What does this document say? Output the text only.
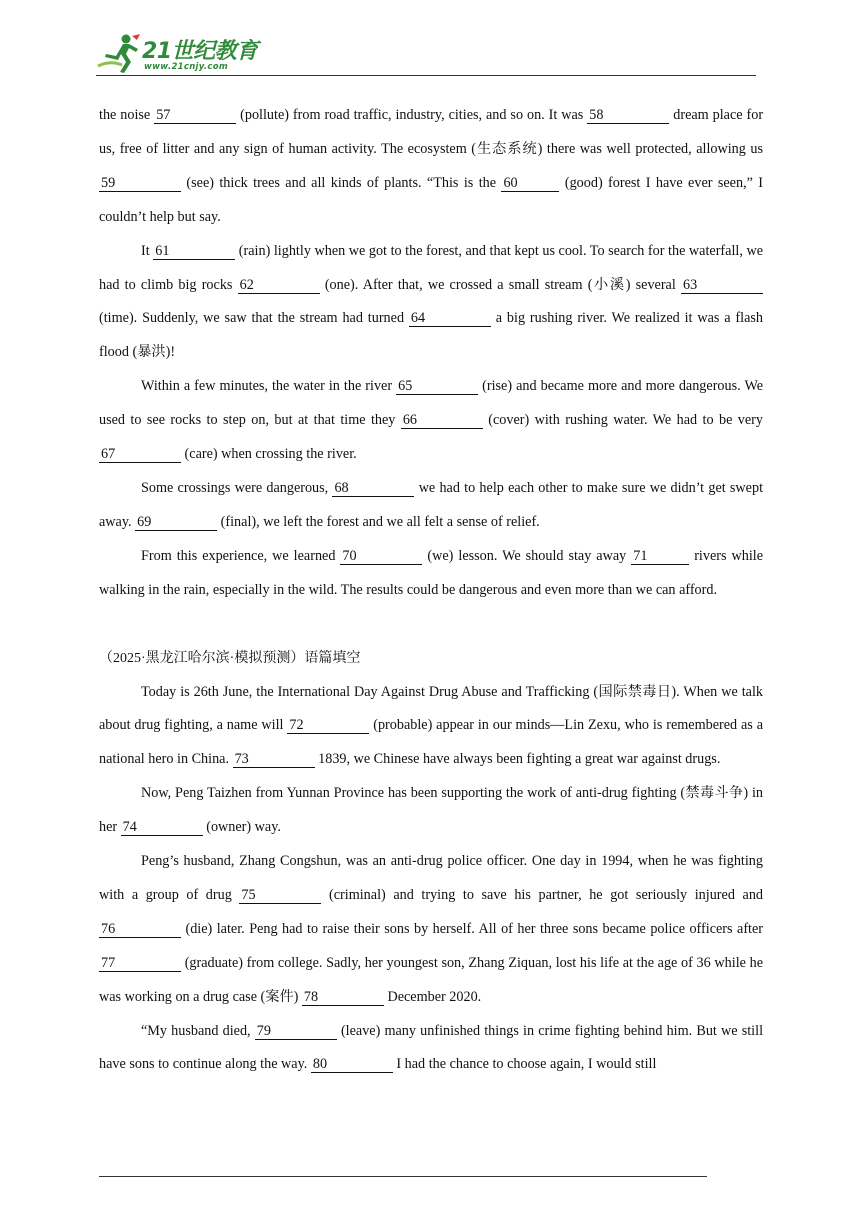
21世纪教育
www.21cnjy.com

the noise 57	(pollute) from road traffic, industry, cities, and so on. It was 58	dream place for us, free of litter and any sign of human activity. The ecosystem (生态系统) there was well protected, allowing us 59	(see) thick trees and all kinds of plants. “This is the 60	(good) forest I have ever seen,” I couldn’t help but say.

It 61	(rain) lightly when we got to the forest, and that kept us cool. To search for the waterfall, we had to climb big rocks 62	(one). After that, we crossed a small stream (小溪) several 63 (time). Suddenly, we saw that the stream had turned 64	a big rushing river. We realized it was a flash flood (暴洪)!

Within a few minutes, the water in the river 65	(rise) and became more and more dangerous. We used to see rocks to step on, but at that time they 66	(cover) with rushing water. We had to be very 67	(care) when crossing the river.

Some crossings were dangerous, 68	we had to help each other to make sure we didn’t get swept away. 69	(final), we left the forest and we all felt a sense of relief.

From this experience, we learned 70	(we) lesson. We should stay away 71	rivers while walking in the rain, especially in the wild. The results could be dangerous and even more than we can afford.

（2025·黑龙江哈尔滨·模拟预测）语篇填空

Today is 26th June, the International Day Against Drug Abuse and Trafficking (国际禁毒日). When we talk about drug fighting, a name will 72	(probable) appear in our minds—Lin Zexu, who is remembered as a national hero in China. 73	1839, we Chinese have always been fighting a great war against drugs.

Now, Peng Taizhen from Yunnan Province has been supporting the work of anti-drug fighting (禁毒斗争) in her 74	(owner) way.

Peng’s husband, Zhang Congshun, was an anti-drug police officer. One day in 1994, when he was fighting with a group of drug 75	(criminal) and trying to save his partner, he got seriously injured and 76	(die) later. Peng had to raise their sons by herself. All of her three sons became police officers after 77	(graduate) from college. Sadly, her youngest son, Zhang Ziquan, lost his life at the age of 36 while he was working on a drug case (案件) 78	December 2020.

“My husband died, 79	(leave) many unfinished things in crime fighting behind him. But we still have sons to continue along the way. 80	I had the chance to choose again, I would still
